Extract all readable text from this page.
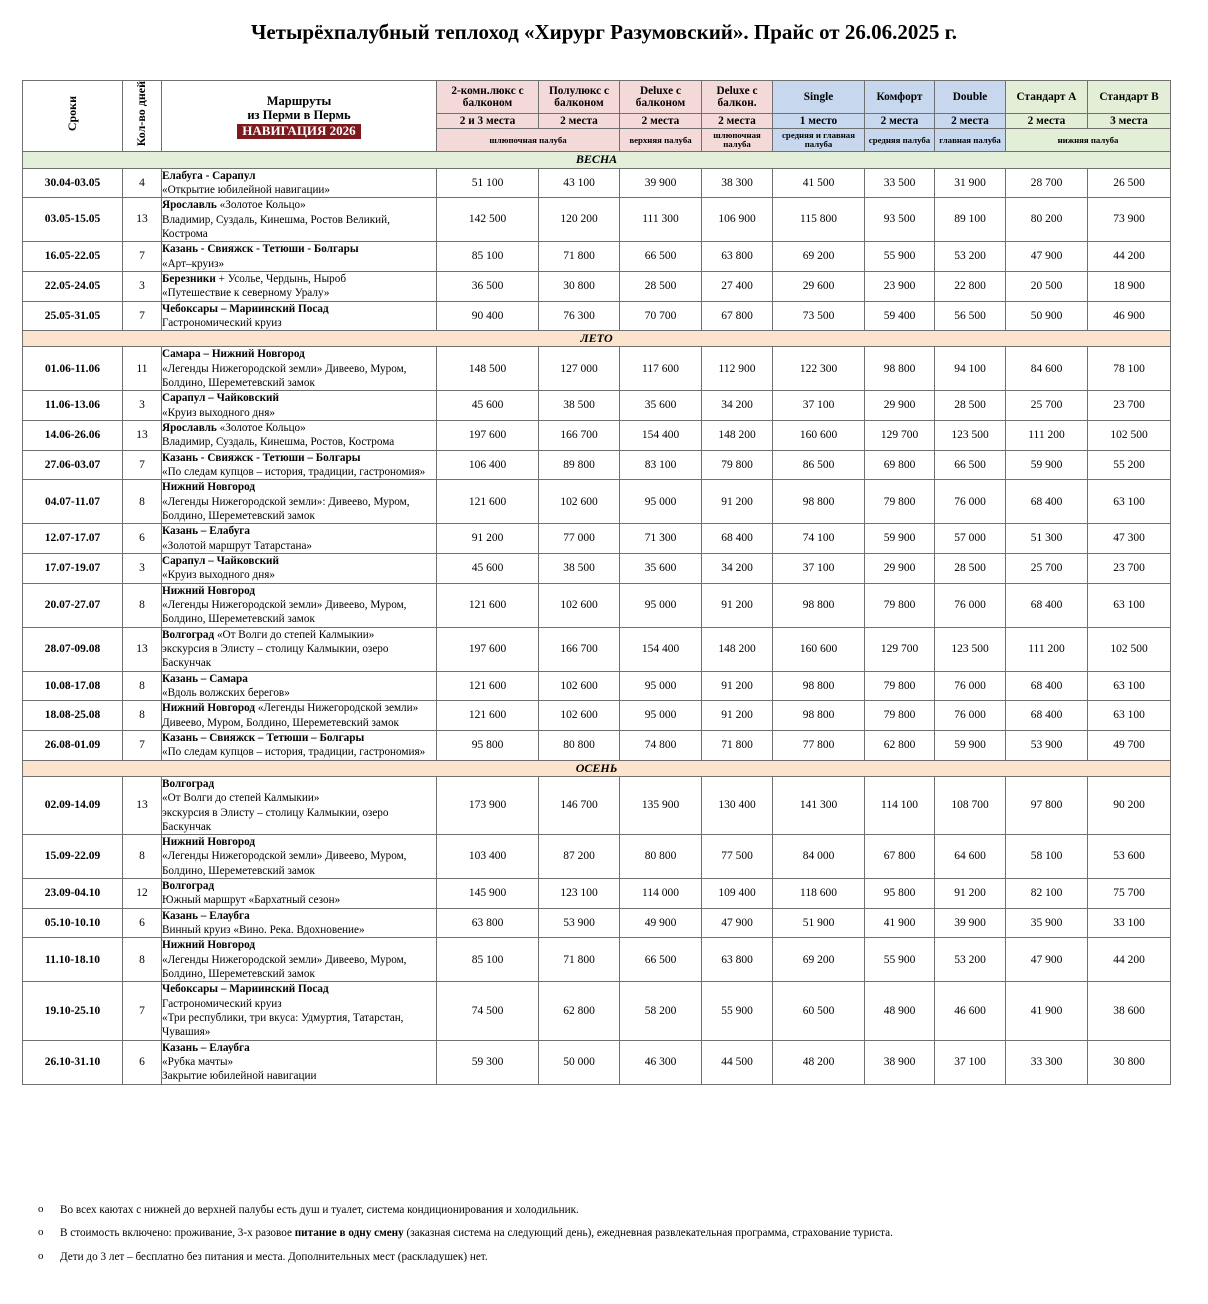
Четырёхпалубный теплоход «Хирург Разумовский». Прайс от 26.06.2025 г.
Сроки	Кол-во дней	Маршруты
из Перми в Пермь
НАВИГАЦИЯ 2026	2-комн.люкс с балконом	Полулюкс с балконом	Deluxe с балконом	Deluxe с балкон.	Single	Комфорт	Double	Стандарт А	Стандарт В
			2 и 3 места	2 места	2 места	2 места	1 место	2 места	2 места	2 места	3 места
			шлюпочная палуба		верхняя палуба	шлюпочная палуба	средняя и главная палуба	средняя палуба	главная палуба	нижняя палуба	
ВЕСНА											
30.04-03.05	4	Елабуга - Сарапул
«Открытие юбилейной навигации»	51 100	43 100	39 900	38 300	41 500	33 500	31 900	28 700	26 500
03.05-15.05	13	Ярославль «Золотое Кольцо»
Владимир, Суздаль, Кинешма, Ростов Великий, Кострома	142 500	120 200	111 300	106 900	115 800	93 500	89 100	80 200	73 900
16.05-22.05	7	Казань - Свияжск - Тетюши - Болгары
«Арт–круиз»	85 100	71 800	66 500	63 800	69 200	55 900	53 200	47 900	44 200
22.05-24.05	3	Березники + Усолье, Чердынь, Ныроб
«Путешествие к северному Уралу»	36 500	30 800	28 500	27 400	29 600	23 900	22 800	20 500	18 900
25.05-31.05	7	Чебоксары – Мариинский Посад
Гастрономический круиз	90 400	76 300	70 700	67 800	73 500	59 400	56 500	50 900	46 900
ЛЕТО											
01.06-11.06	11	Самара – Нижний Новгород
«Легенды Нижегородской земли» Дивеево, Муром, Болдино, Шереметевский замок	148 500	127 000	117 600	112 900	122 300	98 800	94 100	84 600	78 100
11.06-13.06	3	Сарапул – Чайковский
«Круиз выходного дня»	45 600	38 500	35 600	34 200	37 100	29 900	28 500	25 700	23 700
14.06-26.06	13	Ярославль «Золотое Кольцо»
Владимир, Суздаль, Кинешма, Ростов, Кострома	197 600	166 700	154 400	148 200	160 600	129 700	123 500	111 200	102 500
27.06-03.07	7	Казань - Свияжск - Тетюши – Болгары
«По следам купцов – история, традиции, гастрономия»	106 400	89 800	83 100	79 800	86 500	69 800	66 500	59 900	55 200
04.07-11.07	8	Нижний Новгород
«Легенды Нижегородской земли»: Дивеево, Муром, Болдино, Шереметевский замок	121 600	102 600	95 000	91 200	98 800	79 800	76 000	68 400	63 100
12.07-17.07	6	Казань – Елабуга
«Золотой маршрут Татарстана»	91 200	77 000	71 300	68 400	74 100	59 900	57 000	51 300	47 300
17.07-19.07	3	Сарапул – Чайковский
«Круиз выходного дня»	45 600	38 500	35 600	34 200	37 100	29 900	28 500	25 700	23 700
20.07-27.07	8	Нижний Новгород
«Легенды Нижегородской земли» Дивеево, Муром, Болдино, Шереметевский замок	121 600	102 600	95 000	91 200	98 800	79 800	76 000	68 400	63 100
28.07-09.08	13	Волгоград «От Волги до степей Калмыкии»
экскурсия в Элисту – столицу Калмыкии, озеро Баскунчак	197 600	166 700	154 400	148 200	160 600	129 700	123 500	111 200	102 500
10.08-17.08	8	Казань – Самара
«Вдоль волжских берегов»	121 600	102 600	95 000	91 200	98 800	79 800	76 000	68 400	63 100
18.08-25.08	8	Нижний Новгород «Легенды Нижегородской земли» Дивеево, Муром, Болдино, Шереметевский замок	121 600	102 600	95 000	91 200	98 800	79 800	76 000	68 400	63 100
26.08-01.09	7	Казань – Свияжск – Тетюши – Болгары
«По следам купцов – история, традиции, гастрономия»	95 800	80 800	74 800	71 800	77 800	62 800	59 900	53 900	49 700
ОСЕНЬ											
02.09-14.09	13	Волгоград
«От Волги до степей Калмыкии»
экскурсия в Элисту – столицу Калмыкии, озеро Баскунчак	173 900	146 700	135 900	130 400	141 300	114 100	108 700	97 800	90 200
15.09-22.09	8	Нижний Новгород
«Легенды Нижегородской земли» Дивеево, Муром, Болдино, Шереметевский замок	103 400	87 200	80 800	77 500	84 000	67 800	64 600	58 100	53 600
23.09-04.10	12	Волгоград
Южный маршрут «Бархатный сезон»	145 900	123 100	114 000	109 400	118 600	95 800	91 200	82 100	75 700
05.10-10.10	6	Казань – Елаубга
Винный круиз «Вино. Река. Вдохновение»	63 800	53 900	49 900	47 900	51 900	41 900	39 900	35 900	33 100
11.10-18.10	8	Нижний Новгород
«Легенды Нижегородской земли» Дивеево, Муром, Болдино, Шереметевский замок	85 100	71 800	66 500	63 800	69 200	55 900	53 200	47 900	44 200
19.10-25.10	7	Чебоксары – Мариинский Посад
Гастрономический круиз
«Три республики, три вкуса: Удмуртия, Татарстан, Чувашия»	74 500	62 800	58 200	55 900	60 500	48 900	46 600	41 900	38 600
26.10-31.10	6	Казань – Елаубга
«Рубка мачты»
Закрытие юбилейной навигации	59 300	50 000	46 300	44 500	48 200	38 900	37 100	33 300	30 800
o Во всех каютах с нижней до верхней палубы есть душ и туалет, система кондиционирования и холодильник.
o В стоимость включено: проживание, 3-х разовое питание в одну смену (заказная система на следующий день), ежедневная развлекательная программа, страхование туриста.
o Дети до 3 лет – бесплатно без питания и места. Дополнительных мест (раскладушек) нет.
